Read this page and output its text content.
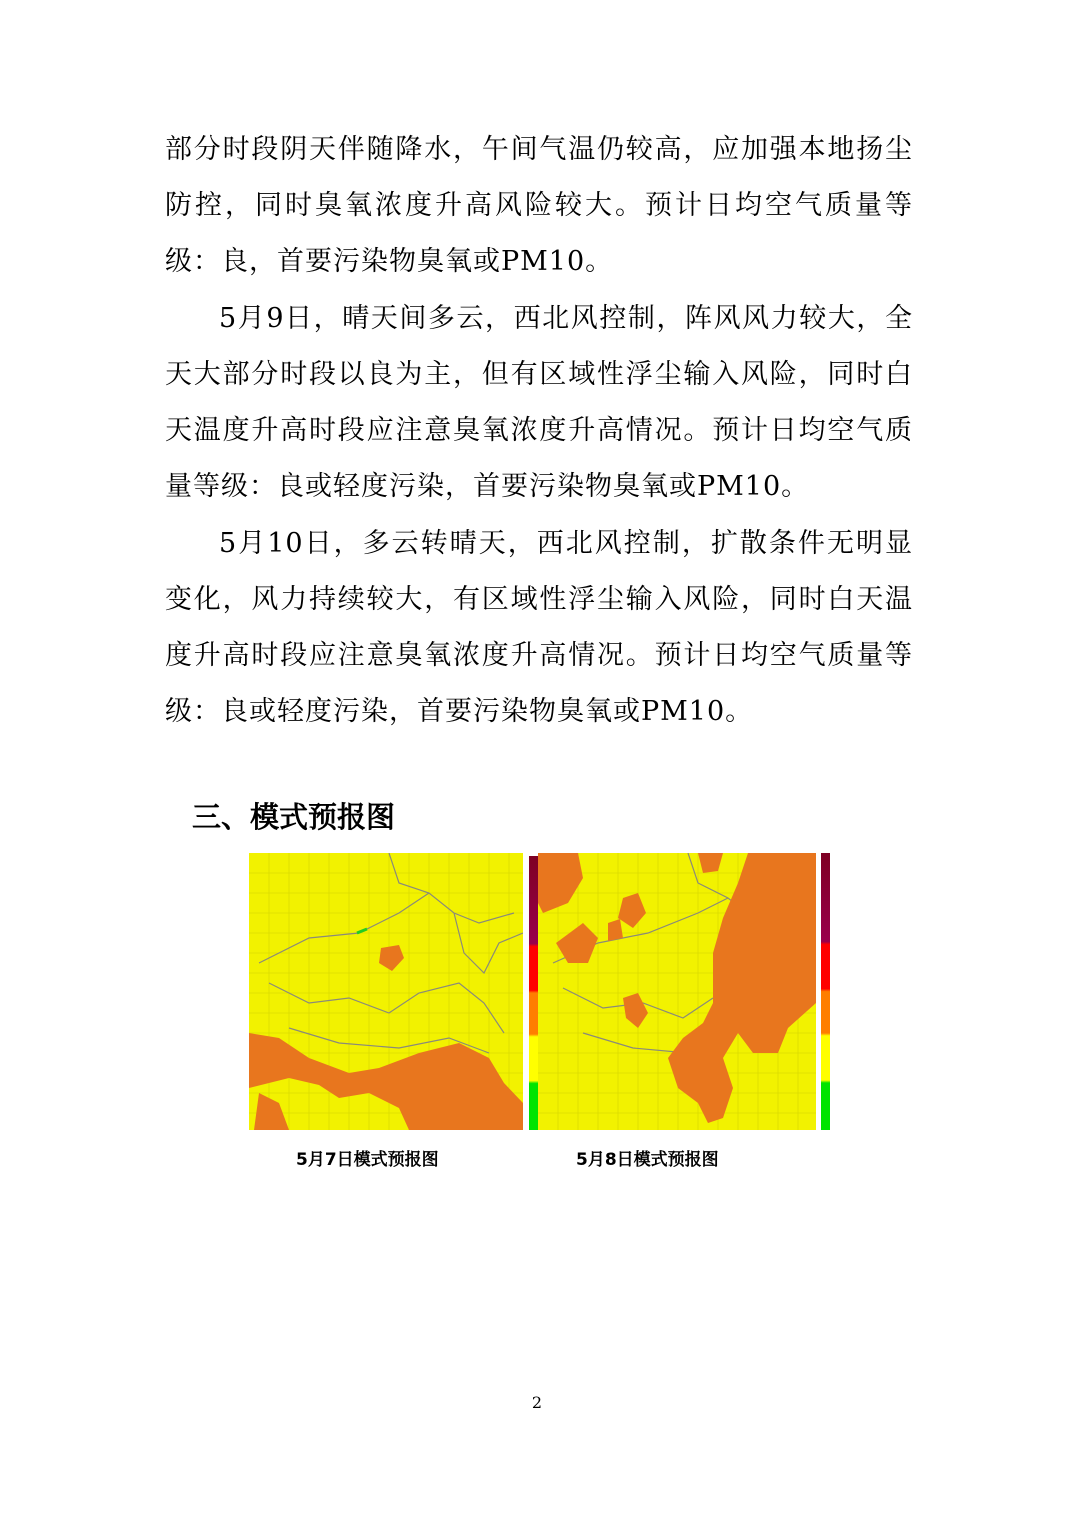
部分时段阴天伴随降水，午间气温仍较高，应加强本地扬尘防控，同时臭氧浓度升高风险较大。预计日均空气质量等级：良，首要污染物臭氧或PM10。

5月9日，晴天间多云，西北风控制，阵风风力较大，全天大部分时段以良为主，但有区域性浮尘输入风险，同时白天温度升高时段应注意臭氧浓度升高情况。预计日均空气质量等级：良或轻度污染，首要污染物臭氧或PM10。

5月10日，多云转晴天，西北风控制，扩散条件无明显变化，风力持续较大，有区域性浮尘输入风险，同时白天温度升高时段应注意臭氧浓度升高情况。预计日均空气质量等级：良或轻度污染，首要污染物臭氧或PM10。

三、模式预报图
5月7日模式预报图	5月8日模式预报图
2
